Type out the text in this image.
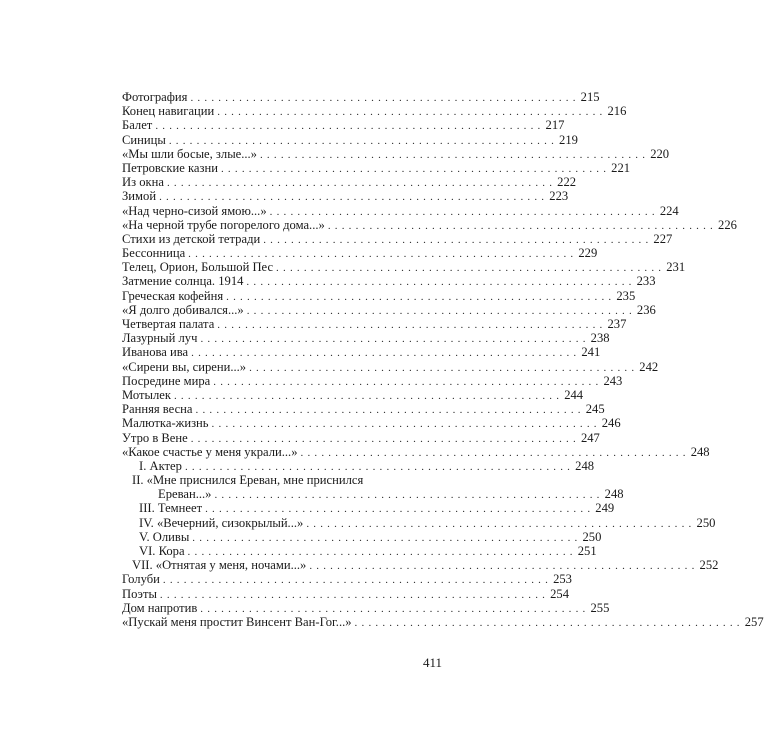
Фотография ........................................................ 215
Конец навигации ........................................................ 216
Балет ........................................................ 217
Синицы ........................................................ 219
«Мы шли босые, злые...» ........................................................ 220
Петровские казни ........................................................ 221
Из окна ........................................................ 222
Зимой ........................................................ 223
«Над черно-сизой ямою...» ........................................................ 224
«На черной трубе погорелого дома...» ........................................................ 226
Стихи из детской тетради ........................................................ 227
Бессонница ........................................................ 229
Телец, Орион, Большой Пес ........................................................ 231
Затмение солнца. 1914 ........................................................ 233
Греческая кофейня ........................................................ 235
«Я долго добивался...» ........................................................ 236
Четвертая палата ........................................................ 237
Лазурный луч ........................................................ 238
Иванова ива ........................................................ 241
«Сирени вы, сирени...» ........................................................ 242
Посредине мира ........................................................ 243
Мотылек ........................................................ 244
Ранняя весна ........................................................ 245
Малютка-жизнь ........................................................ 246
Утро в Вене ........................................................ 247
«Какое счастье у меня украли...» ........................................................ 248
I. Актер ........................................................ 248
II. «Мне приснился Ереван, мне приснился
Ереван...» ........................................................ 248
III. Темнеет ........................................................ 249
IV. «Вечерний, сизокрылый...» ........................................................ 250
V. Оливы ........................................................ 250
VI. Кора ........................................................ 251
VII. «Отнятая у меня, ночами...» ........................................................ 252
Голуби ........................................................ 253
Поэты ........................................................ 254
Дом напротив ........................................................ 255
«Пускай меня простит Винсент Ван-Гог...» ........................................................ 257
411
